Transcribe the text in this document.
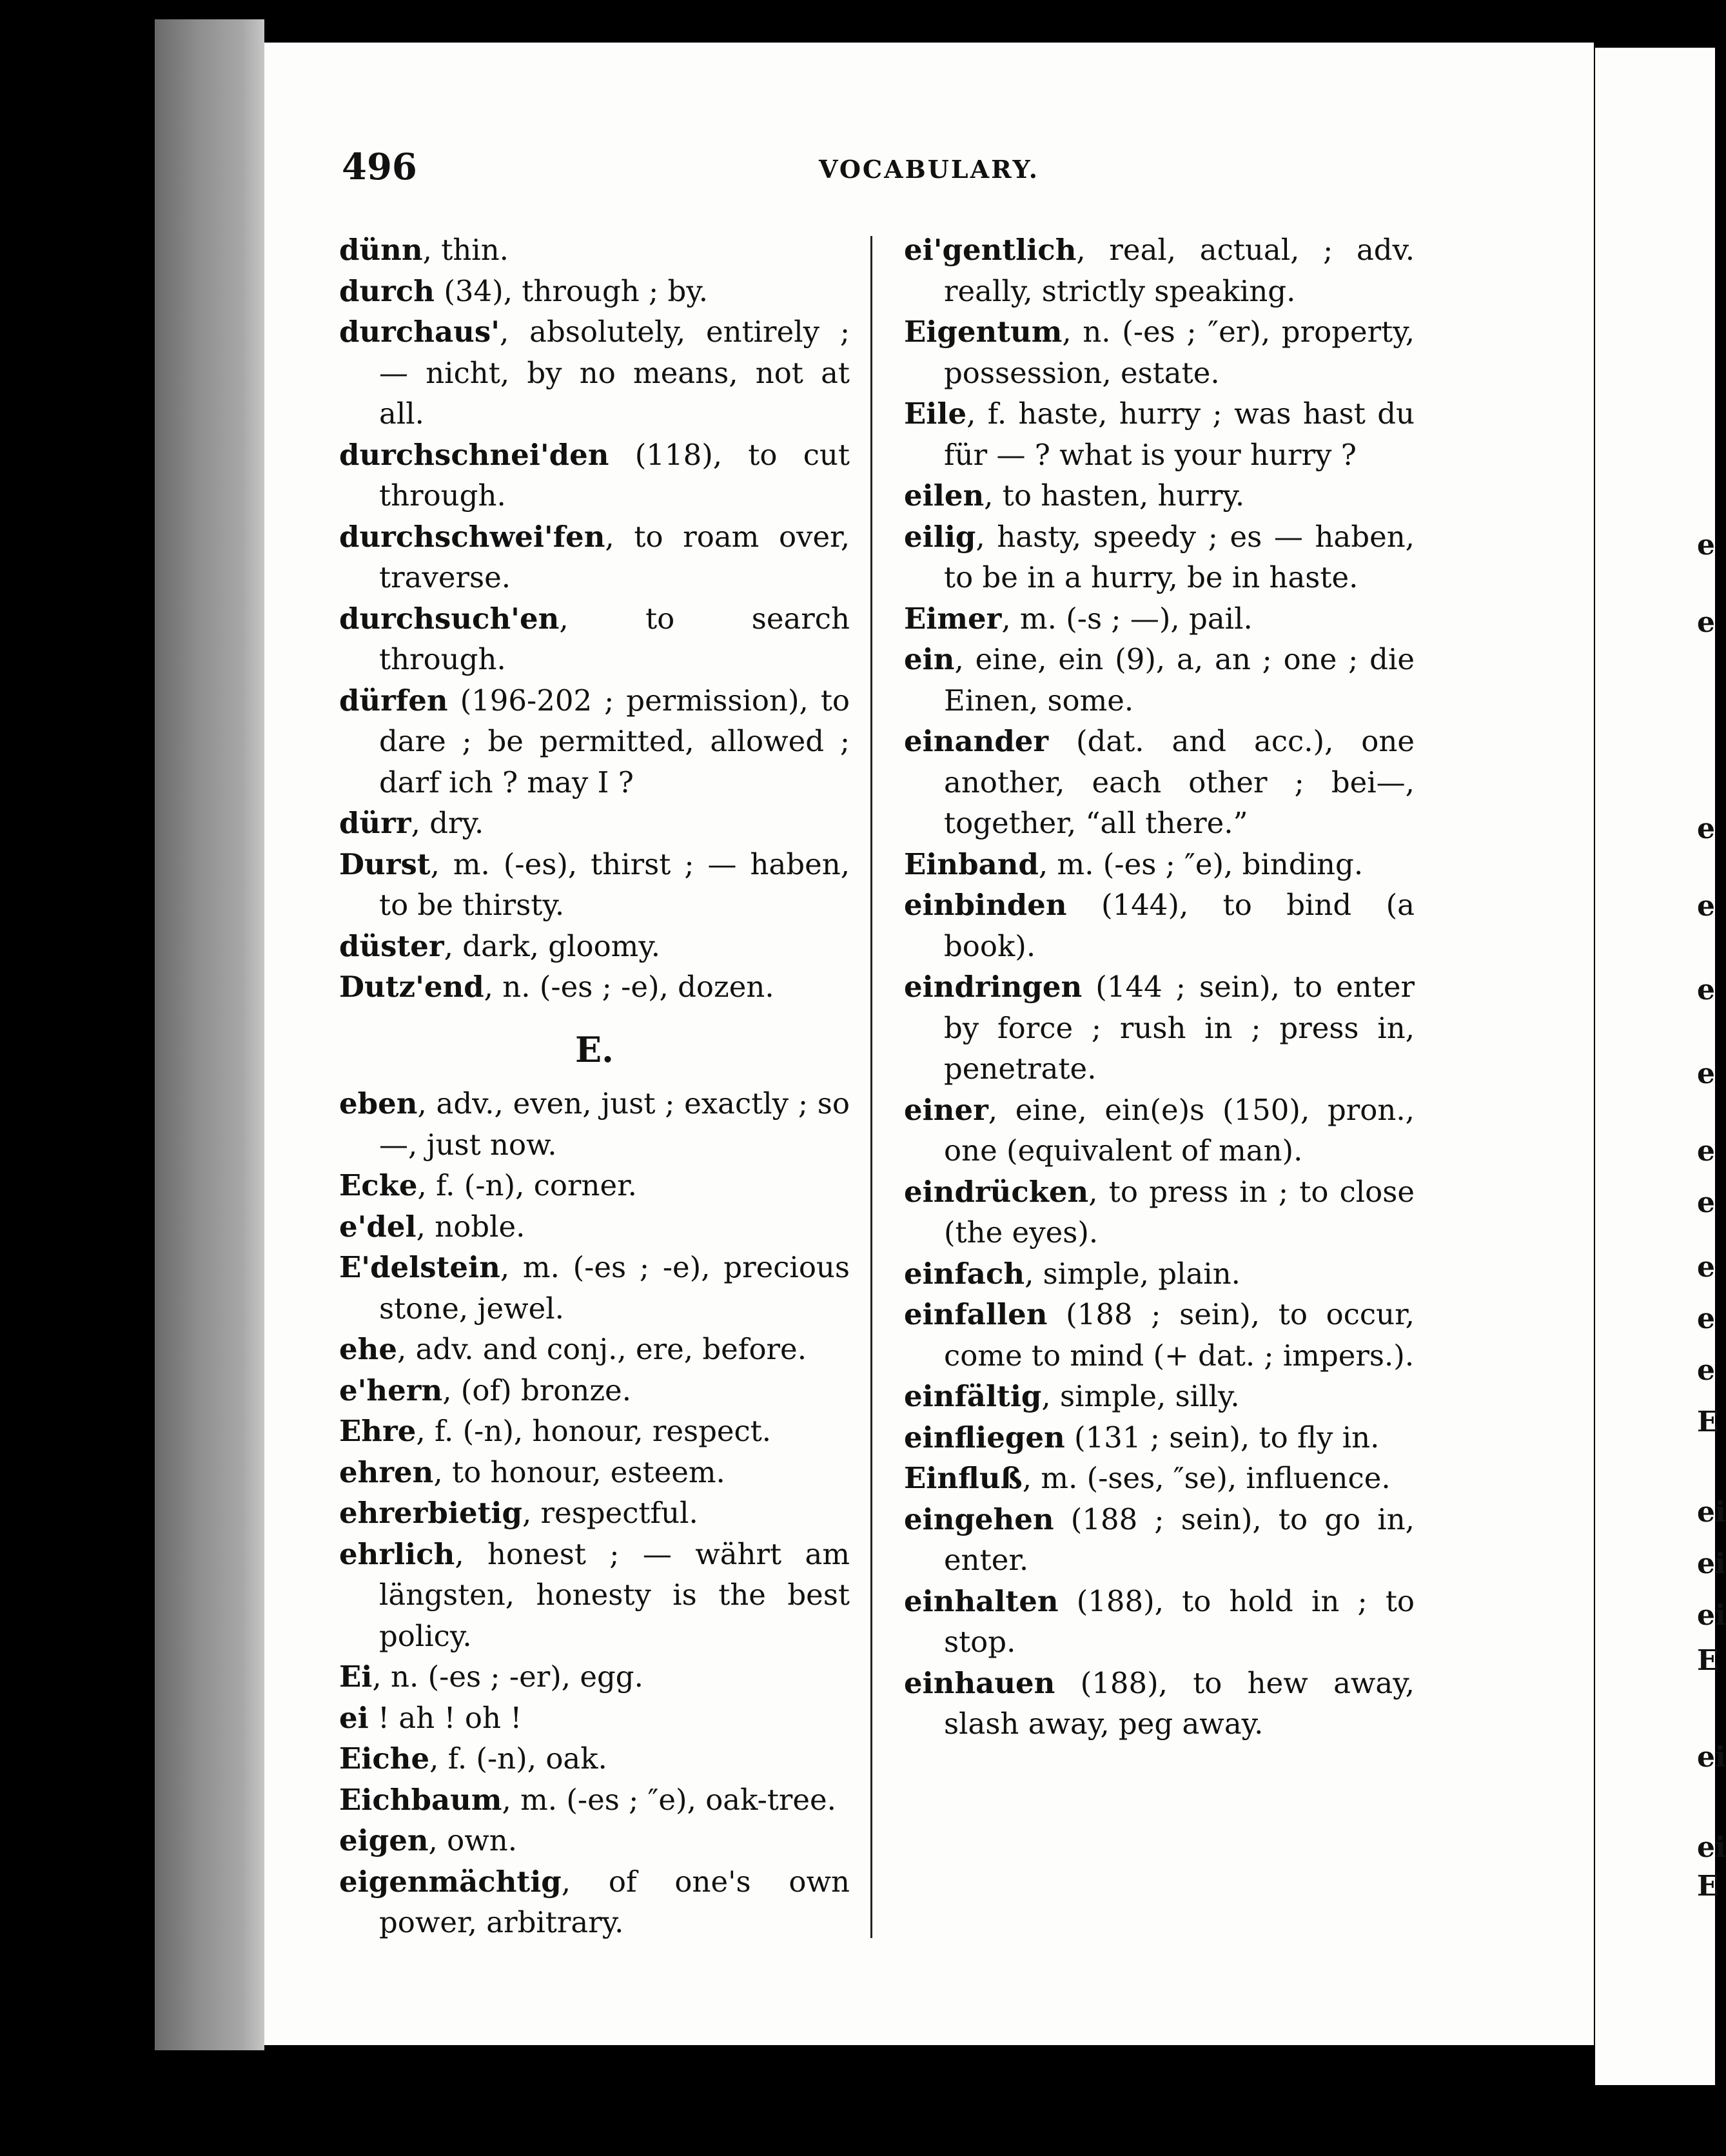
496	VOCABULARY.

dünn, thin.

durch (34), through ; by.

durchaus', absolutely, entirely ; — nicht, by no means, not at all.

durchschnei'den (118), to cut through.

durchschwei'fen, to roam over, traverse.

durchsuch'en, to search through.

dürfen (196-202 ; permission), to dare ; be permitted, allowed ; darf ich ? may I ?

dürr, dry.

Durst, m. (-es), thirst ; — haben, to be thirsty.

düster, dark, gloomy.

Dutz'end, n. (-es ; -e), dozen.

E.

eben, adv., even, just ; exactly ; so—, just now.

Ecke, f. (-n), corner.

e'del, noble.

E'delstein, m. (-es ; -e), precious stone, jewel.

ehe, adv. and conj., ere, before.

e'hern, (of) bronze.

Ehre, f. (-n), honour, respect.

ehren, to honour, esteem.

ehrerbietig, respectful.

ehrlich, honest ; — währt am längsten, honesty is the best policy.

Ei, n. (-es ; -er), egg.

ei ! ah ! oh !

Eiche, f. (-n), oak.

Eichbaum, m. (-es ; ″e), oak-tree.

eigen, own.

eigenmächtig, of one's own power, arbitrary.

ei'gentlich, real, actual, ; adv. really, strictly speaking.

Eigentum, n. (-es ; ″er), property, possession, estate.

Eile, f. haste, hurry ; was hast du für — ? what is your hurry ?

eilen, to hasten, hurry.

eilig, hasty, speedy ; es — haben, to be in a hurry, be in haste.

Eimer, m. (-s ; —), pail.

ein, eine, ein (9), a, an ; one ; die Einen, some.

einander (dat. and acc.), one another, each other ; bei—, together, “all there.”

Einband, m. (-es ; ″e), binding.

einbinden (144), to bind (a book).

eindringen (144 ; sein), to enter by force ; rush in ; press in, penetrate.

einer, eine, ein(e)s (150), pron., one (equivalent of man).

eindrücken, to press in ; to close (the eyes).

einfach, simple, plain.

einfallen (188 ; sein), to occur, come to mind (+ dat. ; impers.).

einfältig, simple, silly.

einfliegen (131 ; sein), to fly in.

Einfluß, m. (-ses, ″se), influence.

eingehen (188 ; sein), to go in, enter.

einhalten (188), to hold in ; to stop.

einhauen (188), to hew away, slash away, peg away.

e
e
e
e
e
e
e
e
e
e
e
E
ei
ei
ei
E
ei
ei
E
